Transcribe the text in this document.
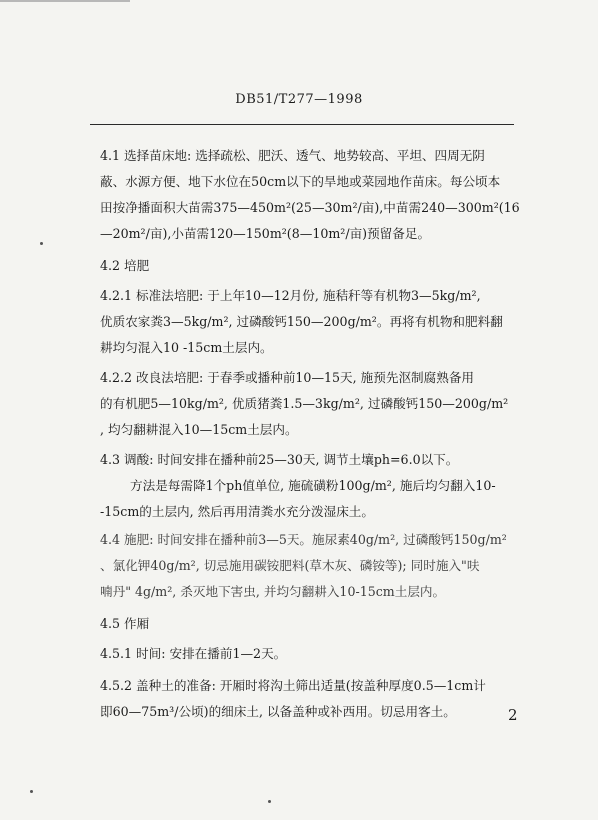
DB51/T277—1998
4.1 选择苗床地: 选择疏松、肥沃、透气、地势较高、平坦、四周无阴
蔽、水源方便、地下水位在50cm以下的旱地或菜园地作苗床。每公顷本
田按净播面积大苗需375—450m²(25—30m²/亩),中苗需240—300m²(16
—20m²/亩),小苗需120—150m²(8—10m²/亩)预留备足。
4.2 培肥
4.2.1 标准法培肥: 于上年10—12月份, 施秸秆等有机物3—5kg/m²,
优质农家粪3—5kg/m², 过磷酸钙150—200g/m²。再将有机物和肥料翻
耕均匀混入10 -15cm土层内。
4.2.2 改良法培肥: 于春季或播种前10—15天, 施预先沤制腐熟备用
的有机肥5—10kg/m², 优质猪粪1.5—3kg/m², 过磷酸钙150—200g/m²
, 均匀翻耕混入10—15cm土层内。
4.3 调酸: 时间安排在播种前25—30天, 调节土壤ph=6.0以下。
方法是每需降1个ph值单位, 施硫磺粉100g/m², 施后均匀翻入10-
-15cm的土层内, 然后再用清粪水充分泼湿床土。
4.4 施肥: 时间安排在播种前3—5天。施尿素40g/m², 过磷酸钙150g/m²
、氯化钾40g/m², 切忌施用碳铵肥料(草木灰、磷铵等); 同时施入"呋
喃丹" 4g/m², 杀灭地下害虫, 并均匀翻耕入10-15cm土层内。
4.5 作厢
4.5.1 时间: 安排在播前1—2天。
4.5.2 盖种土的准备: 开厢时将沟土筛出适量(按盖种厚度0.5—1cm计
即60—75m³/公顷)的细床土, 以备盖种或补西用。切忌用客土。	2
